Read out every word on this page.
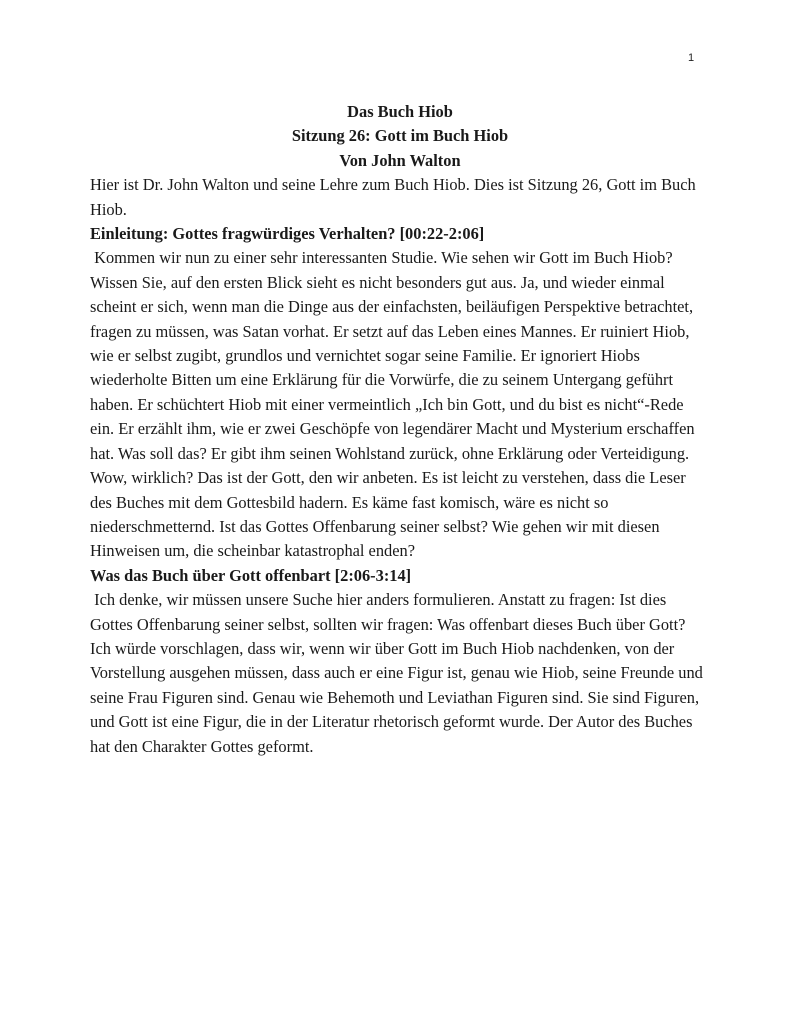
1

Das Buch Hiob

Sitzung 26: Gott im Buch Hiob

Von John Walton

Hier ist Dr. John Walton und seine Lehre zum Buch Hiob. Dies ist Sitzung 26, Gott im Buch Hiob.

Einleitung: Gottes fragwürdiges Verhalten? [00:22-2:06]

Kommen wir nun zu einer sehr interessanten Studie. Wie sehen wir Gott im Buch Hiob? Wissen Sie, auf den ersten Blick sieht es nicht besonders gut aus. Ja, und wieder einmal scheint er sich, wenn man die Dinge aus der einfachsten, beiläufigen Perspektive betrachtet, fragen zu müssen, was Satan vorhat. Er setzt auf das Leben eines Mannes. Er ruiniert Hiob, wie er selbst zugibt, grundlos und vernichtet sogar seine Familie. Er ignoriert Hiobs wiederholte Bitten um eine Erklärung für die Vorwürfe, die zu seinem Untergang geführt haben. Er schüchtert Hiob mit einer vermeintlich „Ich bin Gott, und du bist es nicht“-Rede ein. Er erzählt ihm, wie er zwei Geschöpfe von legendärer Macht und Mysterium erschaffen hat. Was soll das? Er gibt ihm seinen Wohlstand zurück, ohne Erklärung oder Verteidigung. Wow, wirklich? Das ist der Gott, den wir anbeten. Es ist leicht zu verstehen, dass die Leser des Buches mit dem Gottesbild hadern. Es käme fast komisch, wäre es nicht so niederschmetternd. Ist das Gottes Offenbarung seiner selbst? Wie gehen wir mit diesen Hinweisen um, die scheinbar katastrophal enden?

Was das Buch über Gott offenbart [2:06-3:14]

Ich denke, wir müssen unsere Suche hier anders formulieren. Anstatt zu fragen: Ist dies Gottes Offenbarung seiner selbst, sollten wir fragen: Was offenbart dieses Buch über Gott? Ich würde vorschlagen, dass wir, wenn wir über Gott im Buch Hiob nachdenken, von der Vorstellung ausgehen müssen, dass auch er eine Figur ist, genau wie Hiob, seine Freunde und seine Frau Figuren sind. Genau wie Behemoth und Leviathan Figuren sind. Sie sind Figuren, und Gott ist eine Figur, die in der Literatur rhetorisch geformt wurde. Der Autor des Buches hat den Charakter Gottes geformt.
